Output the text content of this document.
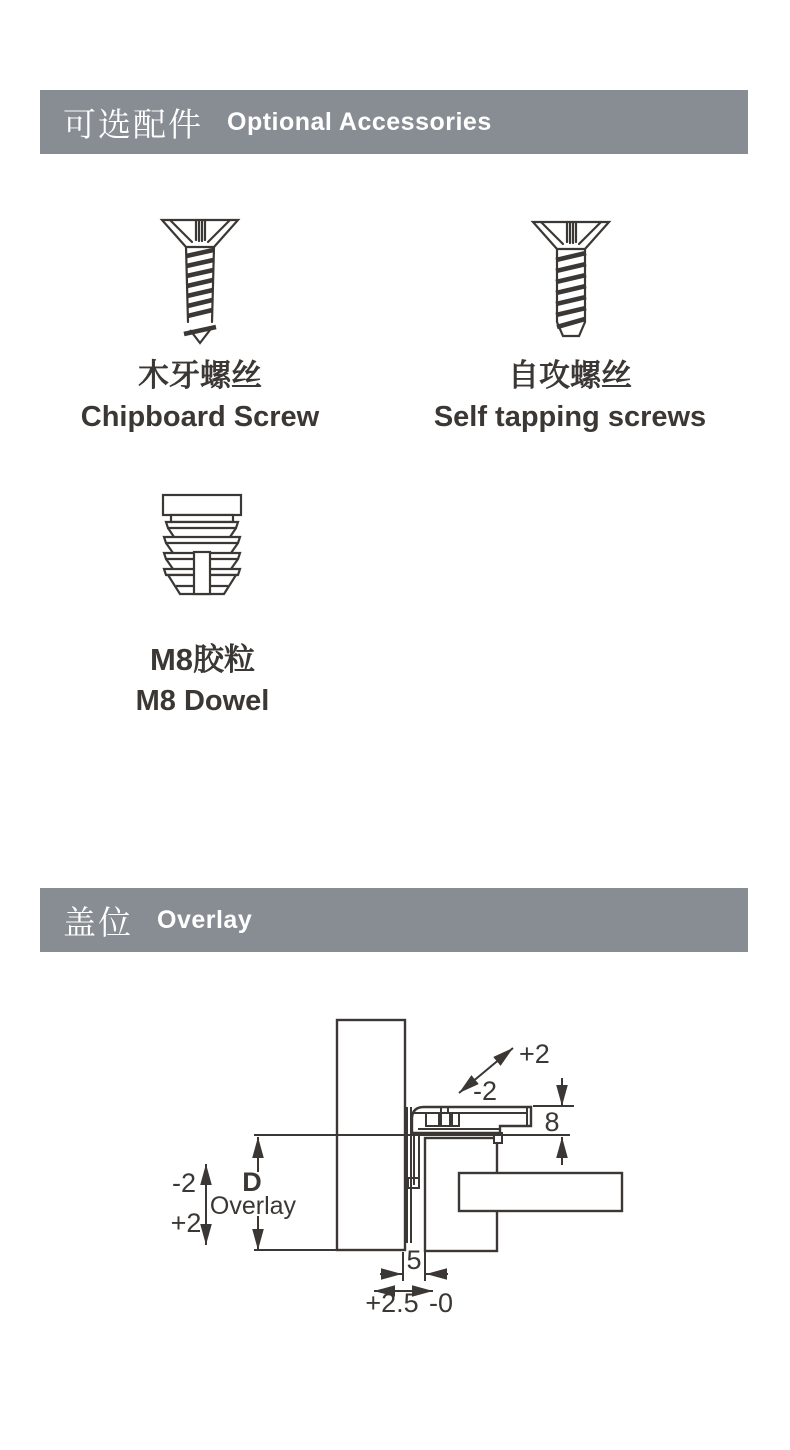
可选配件 Optional Accessories
木牙螺丝
Chipboard Screw
自攻螺丝
Self tapping screws
M8胶粒
M8 Dowel
盖位 Overlay
8
+2
-2
D
Overlay
-2
+2
5
+2.5 -0
